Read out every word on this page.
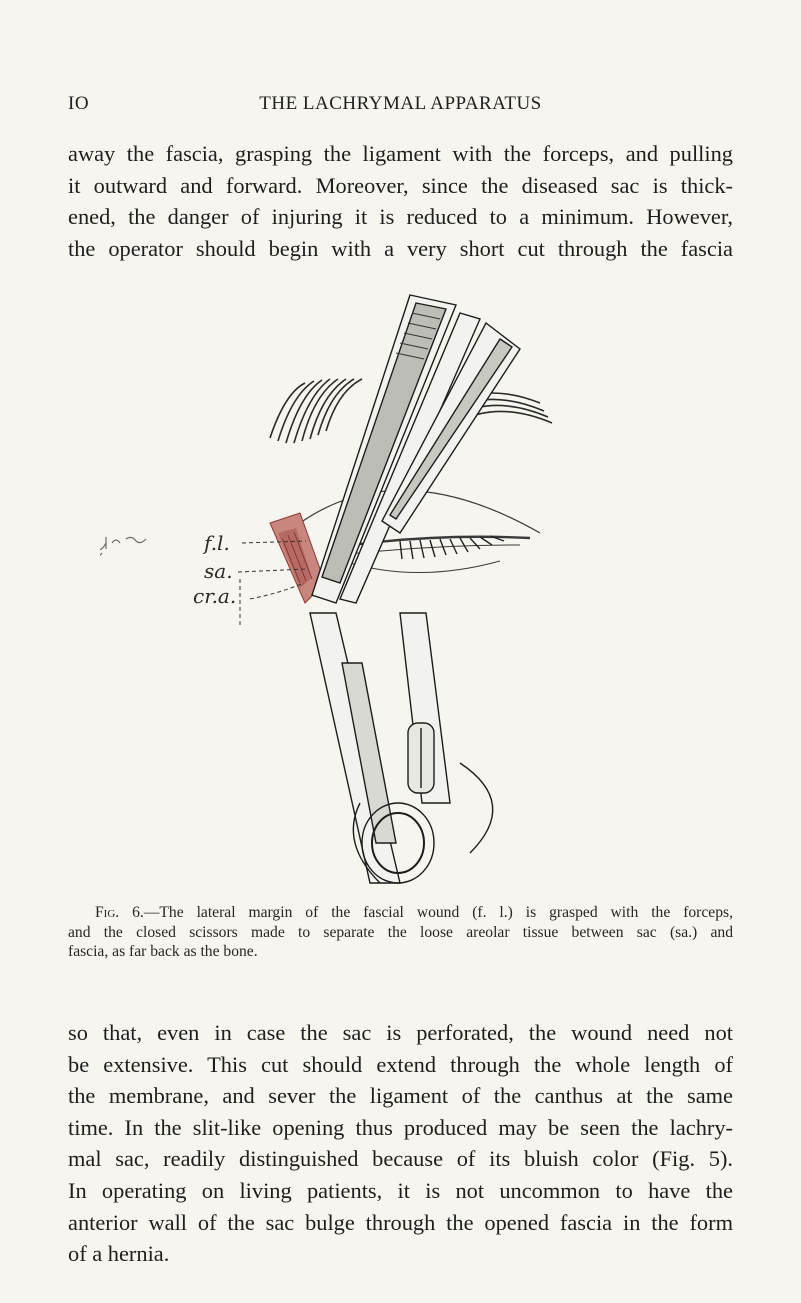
IO	THE LACHRYMAL APPARATUS
away the fascia, grasping the ligament with the forceps, and pulling
it outward and forward. Moreover, since the diseased sac is thick-
ened, the danger of injuring it is reduced to a minimum. However,
the operator should begin with a very short cut through the fascia
f.l.
sa.
cr.a.
Fig. 6.—The lateral margin of the fascial wound (f. l.) is grasped with the forceps,
and the closed scissors made to separate the loose areolar tissue between sac (sa.) and
fascia, as far back as the bone.
so that, even in case the sac is perforated, the wound need not
be extensive. This cut should extend through the whole length of
the membrane, and sever the ligament of the canthus at the same
time. In the slit-like opening thus produced may be seen the lachry-
mal sac, readily distinguished because of its bluish color (Fig. 5).
In operating on living patients, it is not uncommon to have the
anterior wall of the sac bulge through the opened fascia in the form
of a hernia.
